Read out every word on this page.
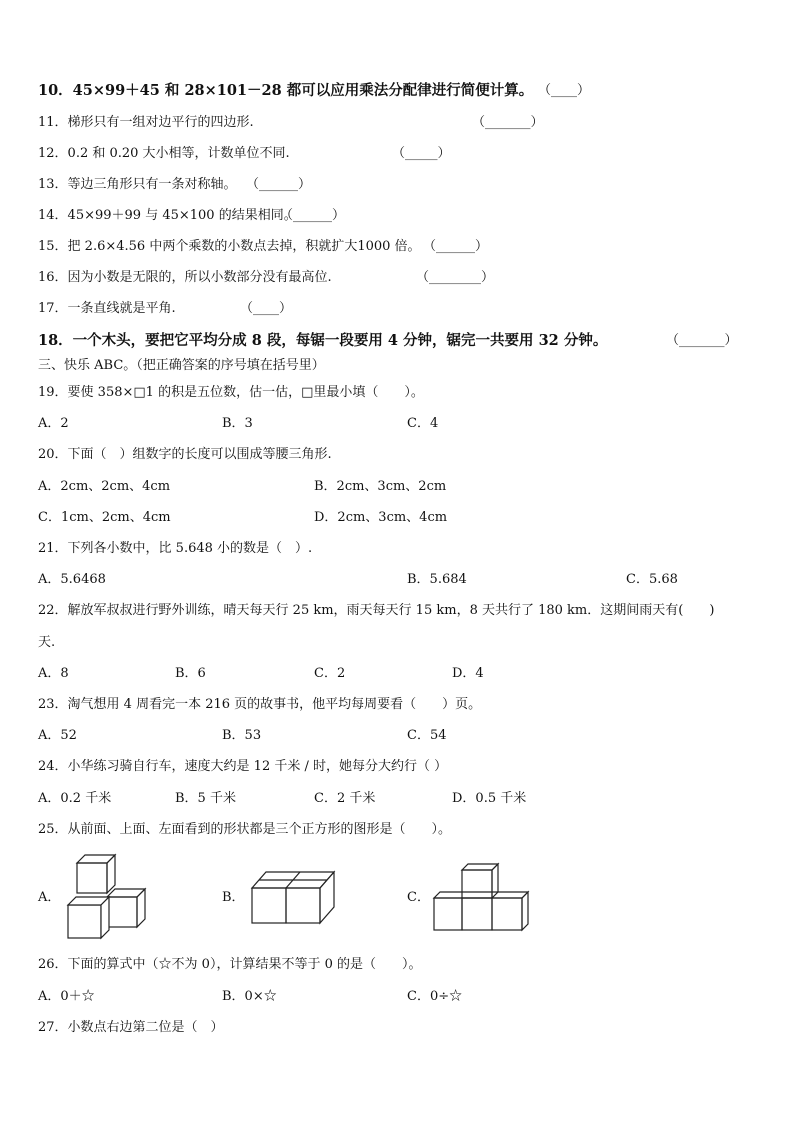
10．45×99＋45 和 28×101－28 都可以应用乘法分配律进行简便计算。 （____）
11．梯形只有一组对边平行的四边形.	（_______）
12．0.2 和 0.20 大小相等，计数单位不同.	（_____）
13．等边三角形只有一条对称轴。 （______）
14．45×99＋99 与 45×100 的结果相同。
（______）
15．把 2.6×4.56 中两个乘数的小数点去掉，积就扩大1000 倍。 （______）
16．因为小数是无限的，所以小数部分没有最高位.	（________）
17．一条直线就是平角.	（____）
18．一个木头，要把它平均分成 8 段，每锯一段要用 4 分钟，锯完一共要用 32 分钟。	（_______）
三、快乐 ABC。（把正确答案的序号填在括号里）
19．要使 358×□1 的积是五位数，估一估，□里最小填（　　）。
A．2	B．3	C．4
20．下面（　）组数字的长度可以围成等腰三角形.
A．2cm、2cm、4cm	B．2cm、3cm、2cm
C．1cm、2cm、4cm	D．2cm、3cm、4cm
21．下列各小数中，比 5.648 小的数是（　）.
A．5.6468	B．5.684	C．5.68
22．解放军叔叔进行野外训练，晴天每天行 25 km，雨天每天行 15 km，8 天共行了 180 km．这期间雨天有(　　)
天.
A．8	B．6	C．2	D．4
23．淘气想用 4 周看完一本 216 页的故事书，他平均每周要看（　　）页。
A．52	B．53	C．54
24．小华练习骑自行车，速度大约是 12 千米 / 时，她每分大约行（ ）
A．0.2 千米	B．5 千米	C．2 千米	D．0.5 千米
25．从前面、上面、左面看到的形状都是三个正方形的图形是（　　）。
A．	B．	C．
26．下面的算式中（☆不为 0），计算结果不等于 0 的是（　　）。
A．0＋☆	B．0×☆	C．0÷☆
27．小数点右边第二位是（　）
